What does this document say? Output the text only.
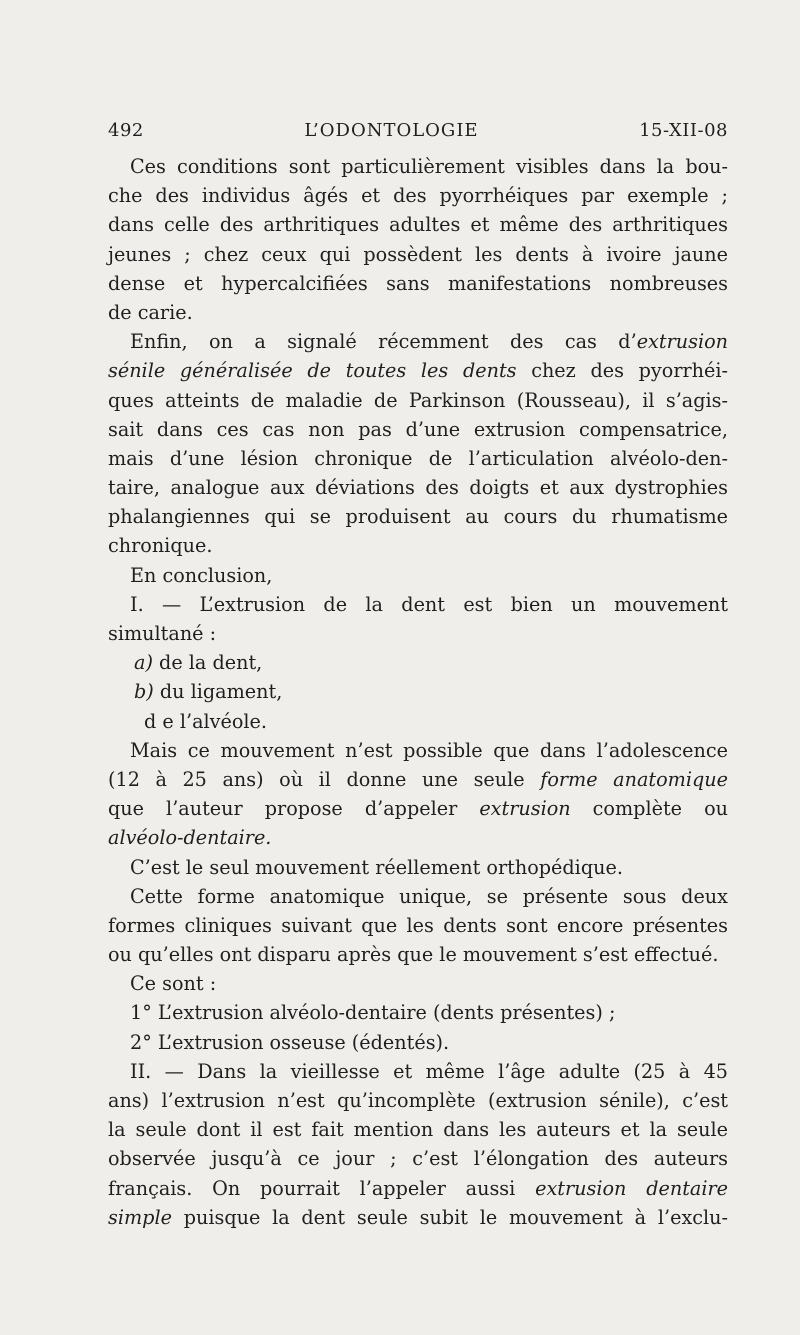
492	L’ODONTOLOGIE	15-XII-08
Ces conditions sont particulièrement visibles dans la bou-
che des individus âgés et des pyorrhéiques par exemple ;
dans celle des arthritiques adultes et même des arthritiques
jeunes ; chez ceux qui possèdent les dents à ivoire jaune
dense et hypercalcifiées sans manifestations nombreuses
de carie.
Enfin, on a signalé récemment des cas d’extrusion
sénile généralisée de toutes les dents chez des pyorrhéi-
ques atteints de maladie de Parkinson (Rousseau), il s’agis-
sait dans ces cas non pas d’une extrusion compensatrice,
mais d’une lésion chronique de l’articulation alvéolo-den-
taire, analogue aux déviations des doigts et aux dystrophies
phalangiennes qui se produisent au cours du rhumatisme
chronique.
En conclusion,
I. — L’extrusion de la dent est bien un mouvement
simultané :
a) de la dent,
b) du ligament,
d e l’alvéole.
Mais ce mouvement n’est possible que dans l’adolescence
(12 à 25 ans) où il donne une seule forme anatomique
que l’auteur propose d’appeler extrusion complète ou
alvéolo-dentaire.
C’est le seul mouvement réellement orthopédique.
Cette forme anatomique unique, se présente sous deux
formes cliniques suivant que les dents sont encore présentes
ou qu’elles ont disparu après que le mouvement s’est effectué.
Ce sont :
1° L’extrusion alvéolo-dentaire (dents présentes) ;
2° L’extrusion osseuse (édentés).
II. — Dans la vieillesse et même l’âge adulte (25 à 45
ans) l’extrusion n’est qu’incomplète (extrusion sénile), c’est
la seule dont il est fait mention dans les auteurs et la seule
observée jusqu’à ce jour ; c’est l’élongation des auteurs
français. On pourrait l’appeler aussi extrusion dentaire
simple puisque la dent seule subit le mouvement à l’exclu-
